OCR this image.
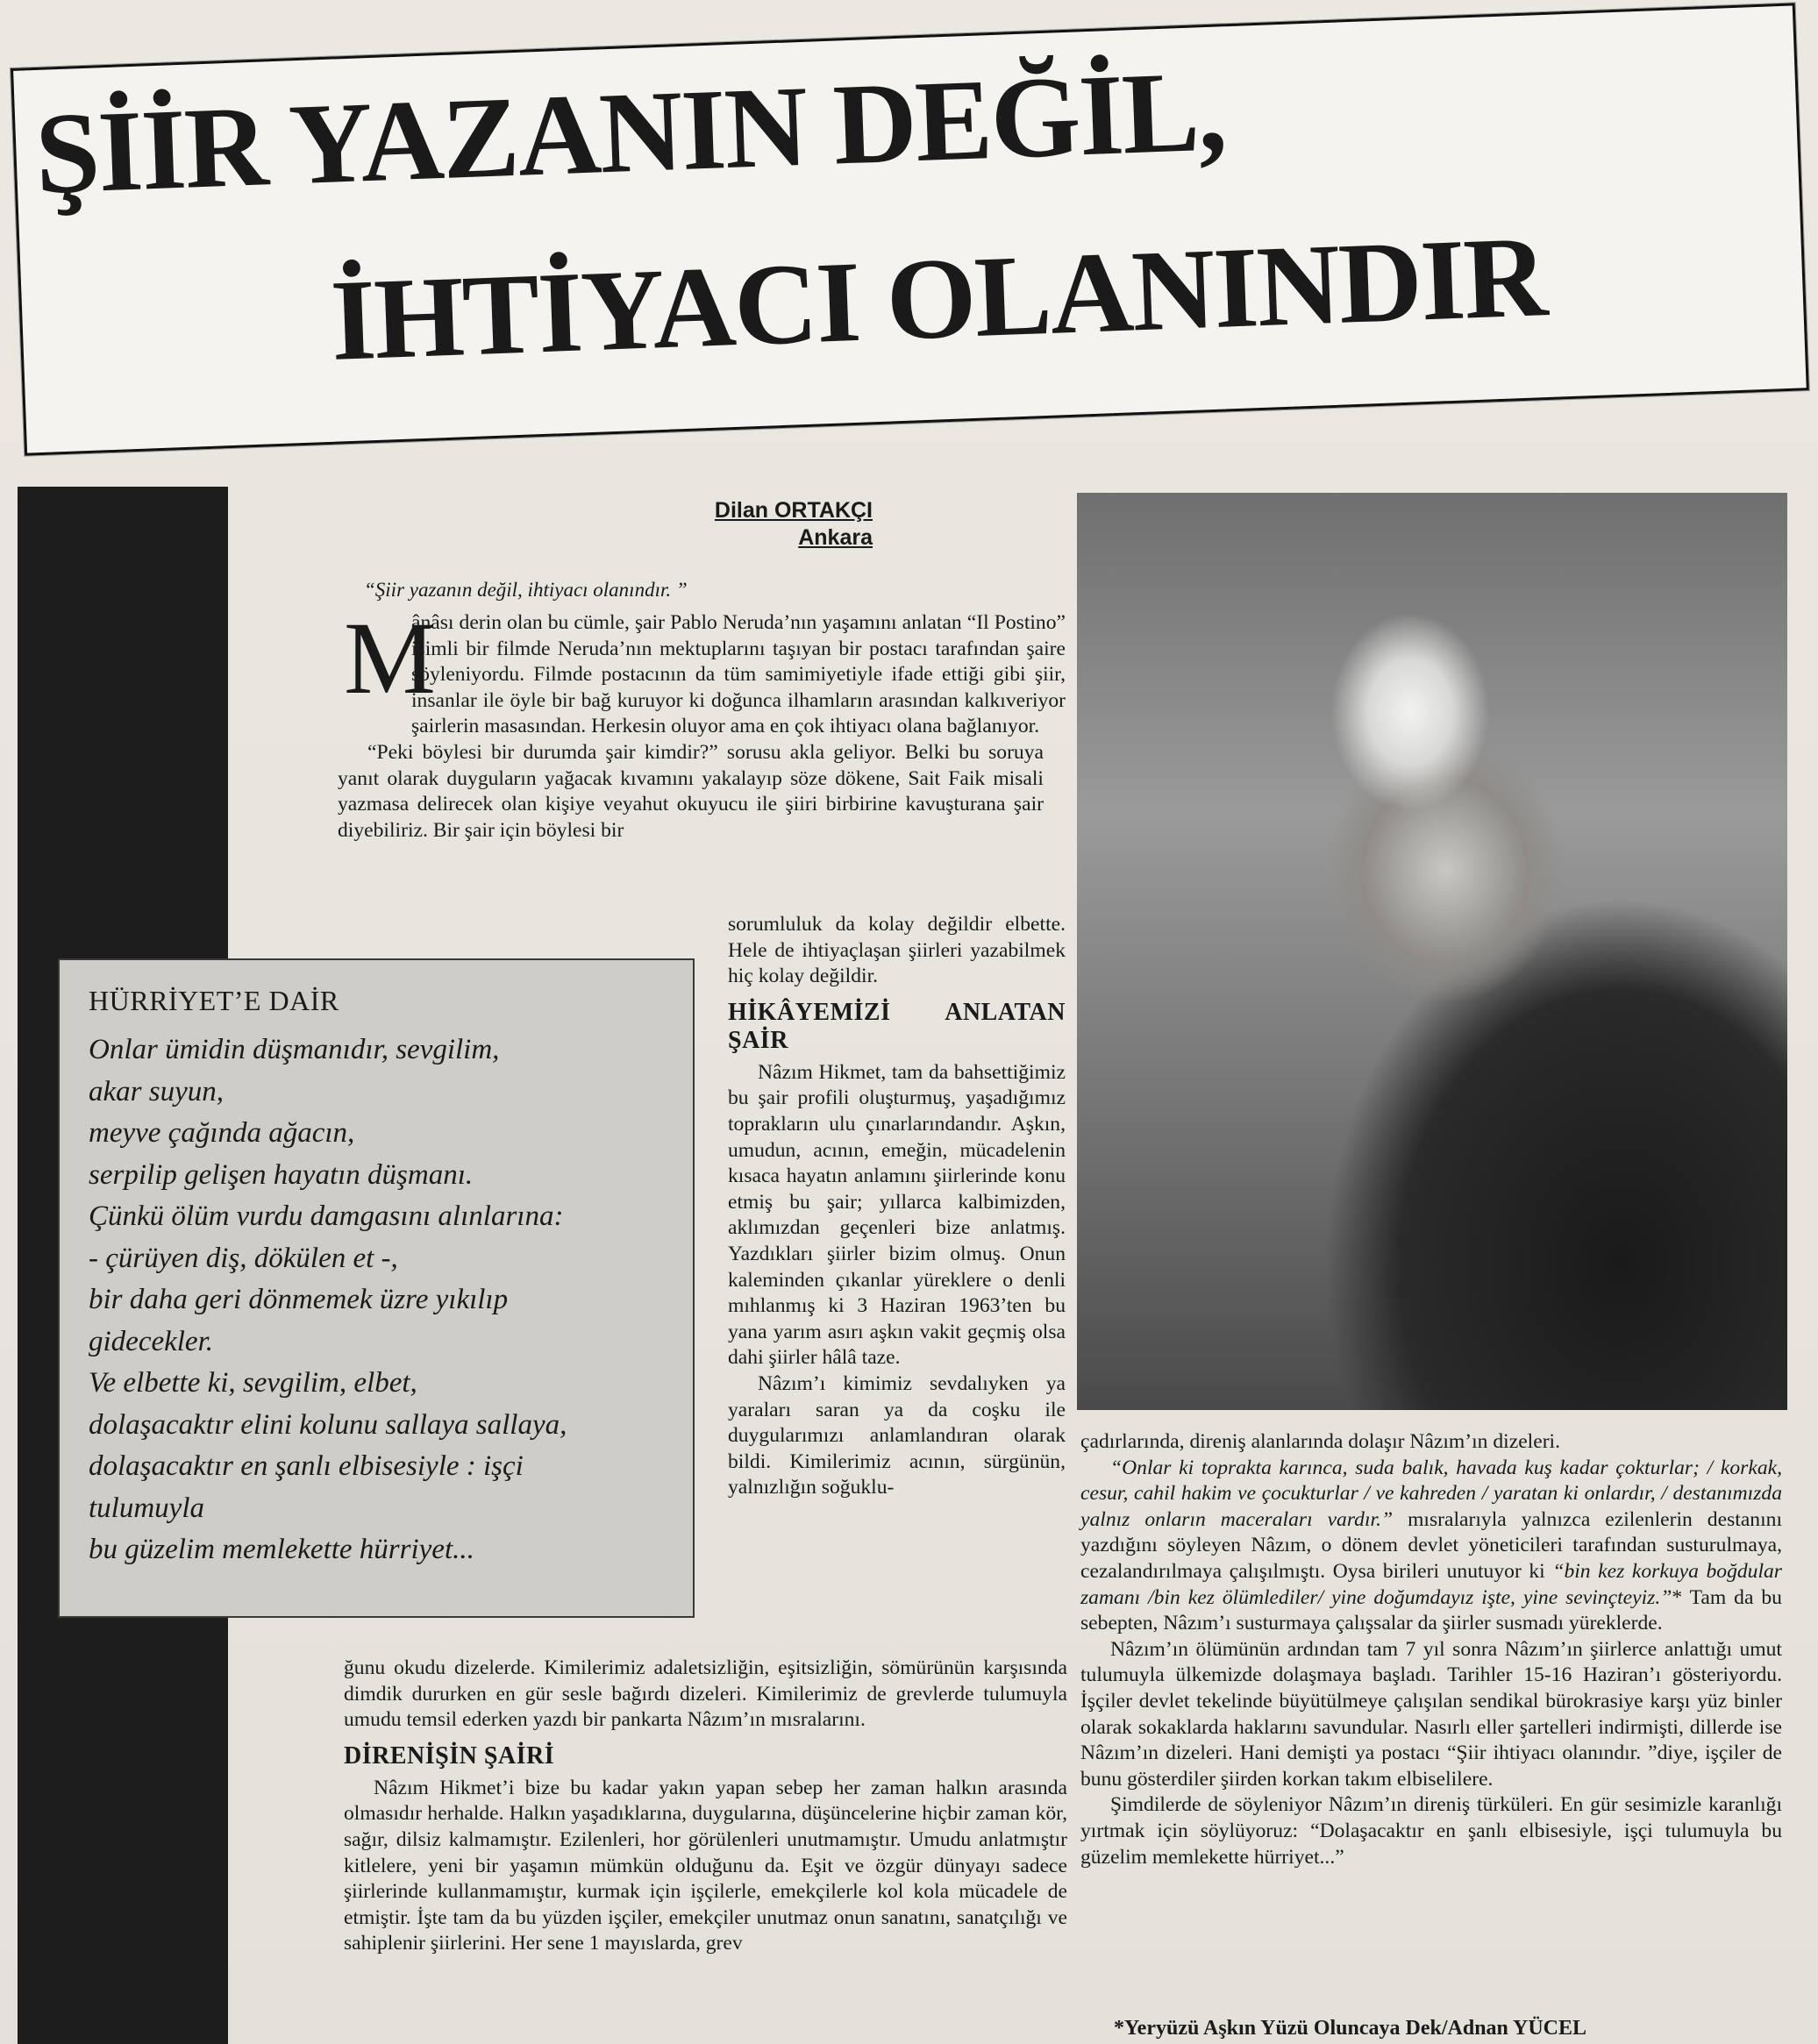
ŞİİR YAZANIN DEĞİL,
İHTİYACI OLANINDIR
Dilan ORTAKÇI
Ankara
“Şiir yazanın değil, ihtiyacı olanındır. ”
M

ânâsı derin olan bu cümle, şair Pablo Neruda’nın yaşamını anlatan “Il Postino” isimli bir filmde Neruda’nın mektuplarını taşıyan bir postacı tarafından şaire söyleniyordu. Filmde postacının da tüm samimiyetiyle ifade ettiği gibi şiir, insanlar ile öyle bir bağ kuruyor ki doğunca ilhamların arasından kalkıveriyor şairlerin masasından. Herkesin oluyor ama en çok ihtiyacı olana bağlanıyor.

“Peki böylesi bir durumda şair kimdir?” sorusu akla geliyor. Belki bu soruya yanıt olarak duyguların yağacak kıvamını yakalayıp söze dökene, Sait Faik misali yazmasa delirecek olan kişiye veyahut okuyucu ile şiiri birbirine kavuşturana şair diyebiliriz. Bir şair için böylesi bir

sorumluluk da kolay değildir elbette. Hele de ihtiyaçlaşan şiirleri yazabilmek hiç kolay değildir.

HİKÂYEMİZİ ANLATAN ŞAİR

Nâzım Hikmet, tam da bahsettiğimiz bu şair profili oluşturmuş, yaşadığımız toprakların ulu çınarlarındandır. Aşkın, umudun, acının, emeğin, mücadelenin kısaca hayatın anlamını şiirlerinde konu etmiş bu şair; yıllarca kalbimizden, aklımızdan geçenleri bize anlatmış. Yazdıkları şiirler bizim olmuş. Onun kaleminden çıkanlar yüreklere o denli mıhlanmış ki 3 Haziran 1963’ten bu yana yarım asırı aşkın vakit geçmiş olsa dahi şiirler hâlâ taze.

Nâzım’ı kimimiz sevdalıyken ya yaraları saran ya da coşku ile duygularımızı anlamlandıran olarak bildi. Kimilerimiz acının, sürgünün, yalnızlığın soğuklu-

HÜRRİYET’E DAİR

Onlar ümidin düşmanıdır, sevgilim,

akar suyun,

meyve çağında ağacın,

serpilip gelişen hayatın düşmanı.

Çünkü ölüm vurdu damgasını alınlarına:

- çürüyen diş, dökülen et -,

bir daha geri dönmemek üzre yıkılıp

gidecekler.

Ve elbette ki, sevgilim, elbet,

dolaşacaktır elini kolunu sallaya sallaya,

dolaşacaktır en şanlı elbisesiyle : işçi

tulumuyla

bu güzelim memlekette hürriyet...

ğunu okudu dizelerde. Kimilerimiz adaletsizliğin, eşitsizliğin, sömürünün karşısında dimdik dururken en gür sesle bağırdı dizeleri. Kimilerimiz de grevlerde tulumuyla umudu temsil ederken yazdı bir pankarta Nâzım’ın mısralarını.

DİRENİŞİN ŞAİRİ

Nâzım Hikmet’i bize bu kadar yakın yapan sebep her zaman halkın arasında olmasıdır herhalde. Halkın yaşadıklarına, duygularına, düşüncelerine hiçbir zaman kör, sağır, dilsiz kalmamıştır. Ezilenleri, hor görülenleri unutmamıştır. Umudu anlatmıştır kitlelere, yeni bir yaşamın mümkün olduğunu da. Eşit ve özgür dünyayı sadece şiirlerinde kullanmamıştır, kurmak için işçilerle, emekçilerle kol kola mücadele de etmiştir. İşte tam da bu yüzden işçiler, emekçiler unutmaz onun sanatını, sanatçılığı ve sahiplenir şiirlerini. Her sene 1 mayıslarda, grev

çadırlarında, direniş alanlarında dolaşır Nâzım’ın dizeleri.

“Onlar ki toprakta karınca, suda balık, havada kuş kadar çokturlar; / korkak, cesur, cahil hakim ve çocukturlar / ve kahreden / yaratan ki onlardır, / destanımızda yalnız onların maceraları vardır.” mısralarıyla yalnızca ezilenlerin destanını yazdığını söyleyen Nâzım, o dönem devlet yöneticileri tarafından susturulmaya, cezalandırılmaya çalışılmıştı. Oysa birileri unutuyor ki “bin kez korkuya boğdular zamanı /bin kez ölümlediler/ yine doğumdayız işte, yine sevinçteyiz.”* Tam da bu sebepten, Nâzım’ı susturmaya çalışsalar da şiirler susmadı yüreklerde.

Nâzım’ın ölümünün ardından tam 7 yıl sonra Nâzım’ın şiirlerce anlattığı umut tulumuyla ülkemizde dolaşmaya başladı. Tarihler 15-16 Haziran’ı gösteriyordu. İşçiler devlet tekelinde büyütülmeye çalışılan sendikal bürokrasiye karşı yüz binler olarak sokaklarda haklarını savundular. Nasırlı eller şartelleri indirmişti, dillerde ise Nâzım’ın dizeleri. Hani demişti ya postacı “Şiir ihtiyacı olanındır. ”diye, işçiler de bunu gösterdiler şiirden korkan takım elbiselilere.

Şimdilerde de söyleniyor Nâzım’ın direniş türküleri. En gür sesimizle karanlığı yırtmak için söylüyoruz: “Dolaşacaktır en şanlı elbisesiyle, işçi tulumuyla bu güzelim memlekette hürriyet...”

*Yeryüzü Aşkın Yüzü Oluncaya Dek/Adnan YÜCEL
